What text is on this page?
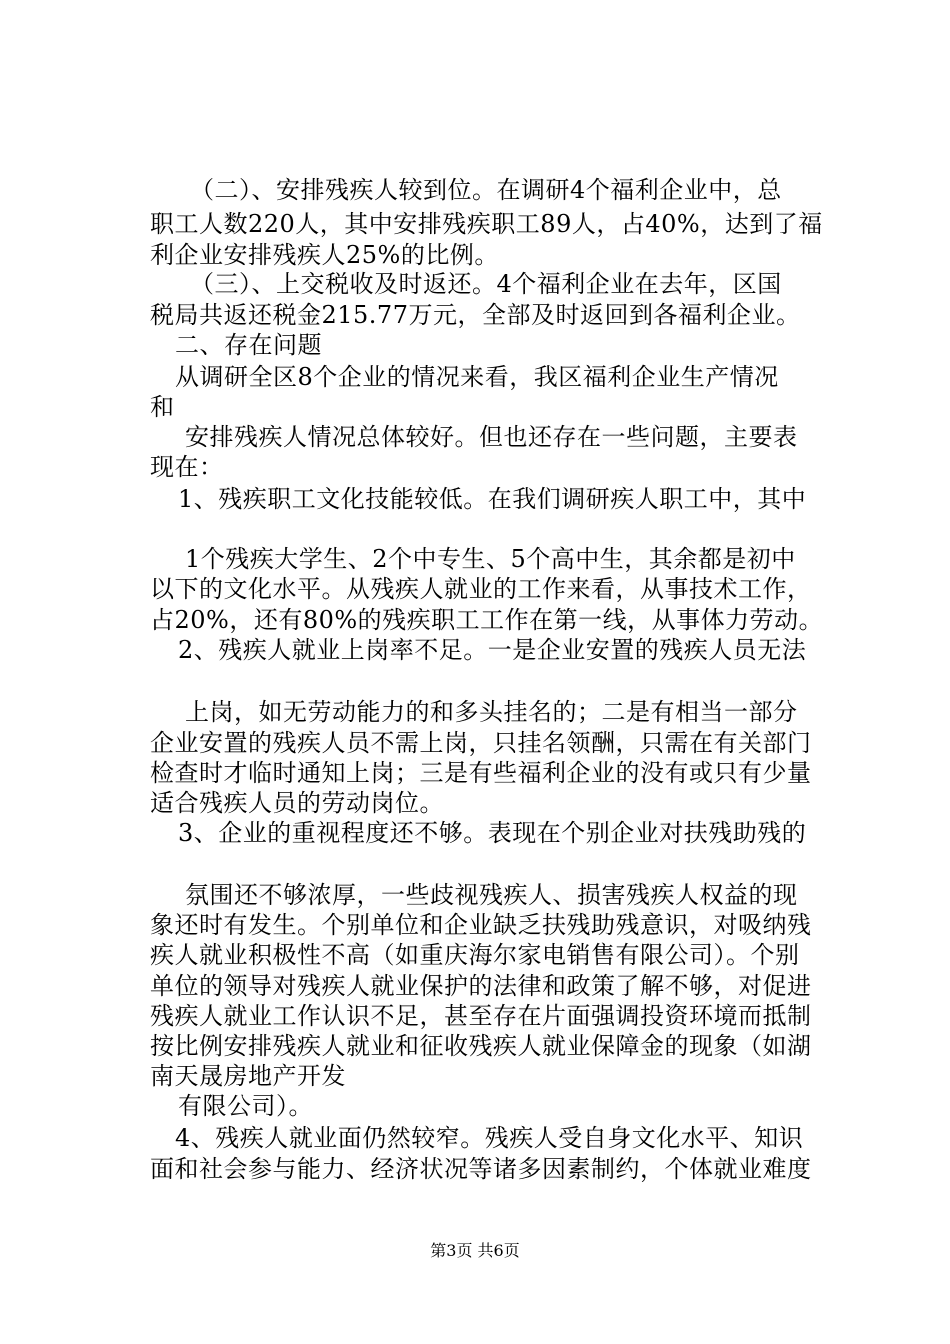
（二）、安排残疾人较到位。在调研4个福利企业中，总
职工人数220人，其中安排残疾职工89人，占40%，达到了福
利企业安排残疾人25%的比例。
（三）、上交税收及时返还。4个福利企业在去年，区国
税局共返还税金215.77万元，全部及时返回到各福利企业。
二、存在问题
从调研全区8个企业的情况来看，我区福利企业生产情况
和
安排残疾人情况总体较好。但也还存在一些问题，主要表
现在：
1、残疾职工文化技能较低。在我们调研疾人职工中，其中
1个残疾大学生、2个中专生、5个高中生，其余都是初中
以下的文化水平。从残疾人就业的工作来看，从事技术工作，
占20%，还有80%的残疾职工工作在第一线，从事体力劳动。
2、残疾人就业上岗率不足。一是企业安置的残疾人员无法
上岗，如无劳动能力的和多头挂名的；二是有相当一部分
企业安置的残疾人员不需上岗，只挂名领酬，只需在有关部门
检查时才临时通知上岗；三是有些福利企业的没有或只有少量
适合残疾人员的劳动岗位。
3、企业的重视程度还不够。表现在个别企业对扶残助残的
氛围还不够浓厚，一些歧视残疾人、损害残疾人权益的现
象还时有发生。个别单位和企业缺乏扶残助残意识，对吸纳残
疾人就业积极性不高（如重庆海尔家电销售有限公司）。个别
单位的领导对残疾人就业保护的法律和政策了解不够，对促进
残疾人就业工作认识不足，甚至存在片面强调投资环境而抵制
按比例安排残疾人就业和征收残疾人就业保障金的现象（如湖
南天晟房地产开发
有限公司）。
4、残疾人就业面仍然较窄。残疾人受自身文化水平、知识
面和社会参与能力、经济状况等诸多因素制约，个体就业难度
第3页 共6页
